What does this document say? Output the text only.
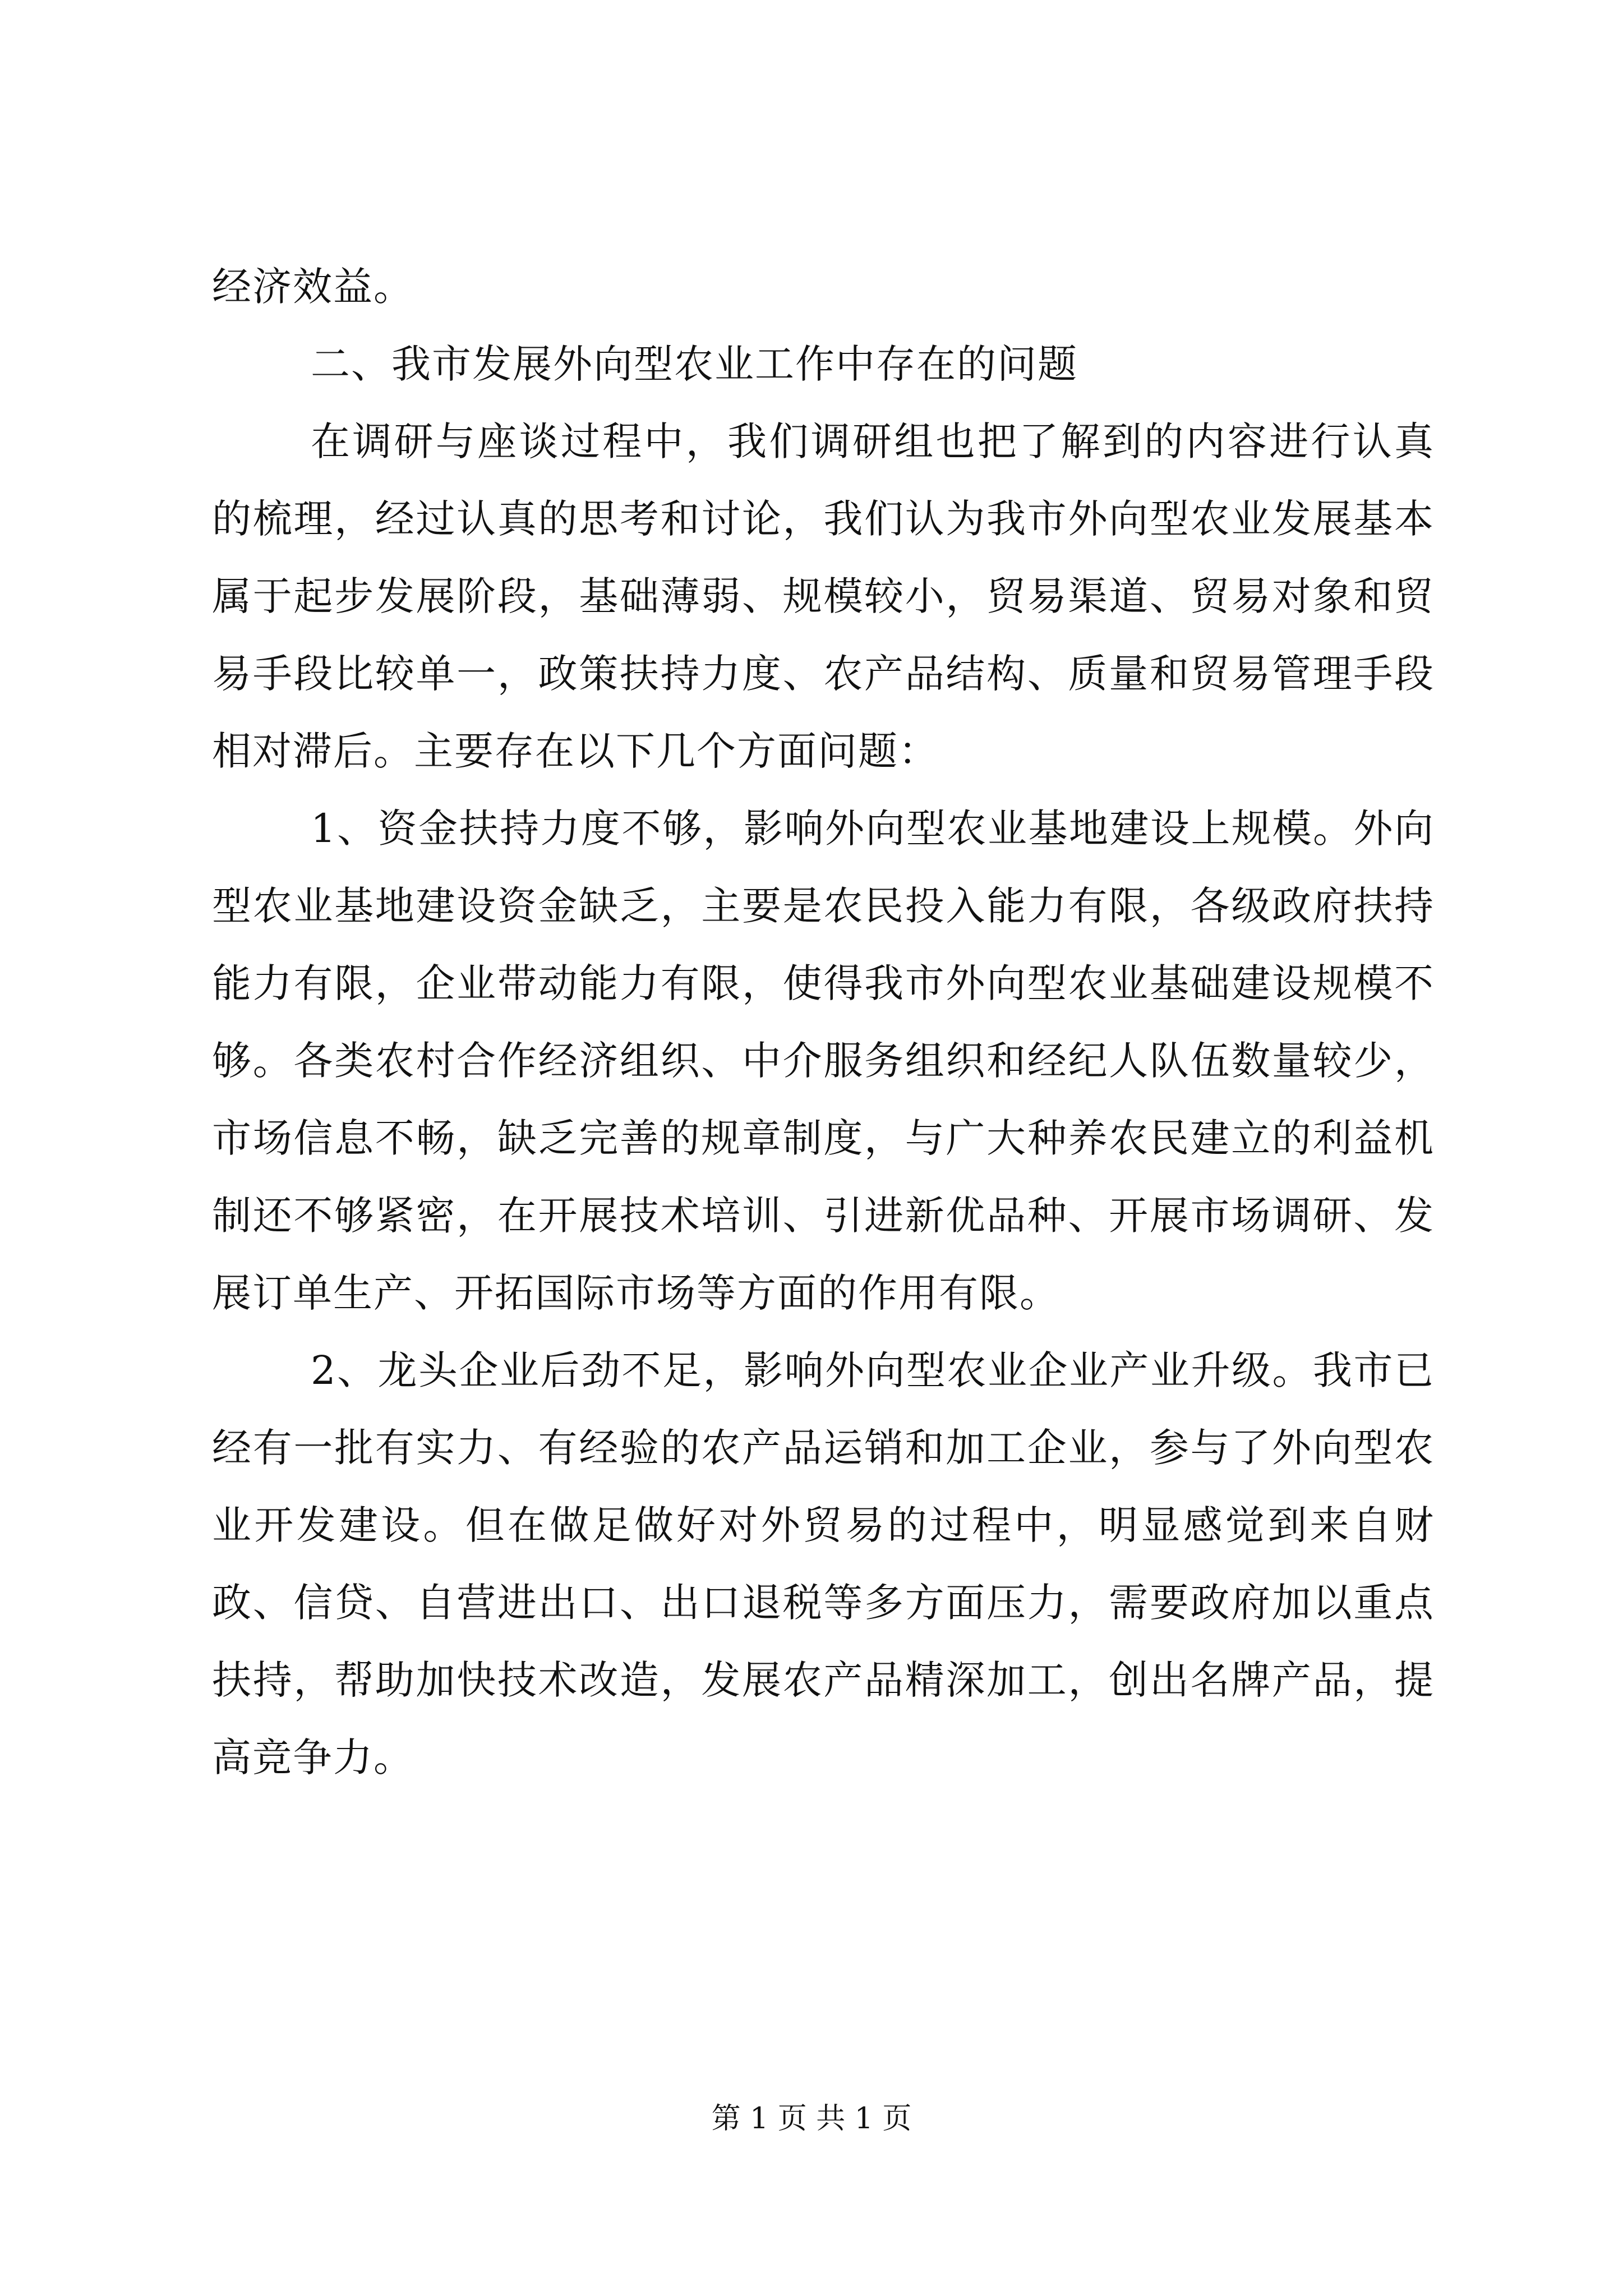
经济效益。

二、我市发展外向型农业工作中存在的问题

在调研与座谈过程中，我们调研组也把了解到的内容进行认真的梳理，经过认真的思考和讨论，我们认为我市外向型农业发展基本属于起步发展阶段，基础薄弱、规模较小，贸易渠道、贸易对象和贸易手段比较单一，政策扶持力度、农产品结构、质量和贸易管理手段相对滞后。主要存在以下几个方面问题：

1、资金扶持力度不够，影响外向型农业基地建设上规模。外向型农业基地建设资金缺乏，主要是农民投入能力有限，各级政府扶持能力有限，企业带动能力有限，使得我市外向型农业基础建设规模不够。各类农村合作经济组织、中介服务组织和经纪人队伍数量较少，市场信息不畅，缺乏完善的规章制度，与广大种养农民建立的利益机制还不够紧密，在开展技术培训、引进新优品种、开展市场调研、发展订单生产、开拓国际市场等方面的作用有限。

2、龙头企业后劲不足，影响外向型农业企业产业升级。我市已经有一批有实力、有经验的农产品运销和加工企业，参与了外向型农业开发建设。但在做足做好对外贸易的过程中，明显感觉到来自财政、信贷、自营进出口、出口退税等多方面压力，需要政府加以重点扶持，帮助加快技术改造，发展农产品精深加工，创出名牌产品，提高竞争力。

第 1 页 共 1 页
